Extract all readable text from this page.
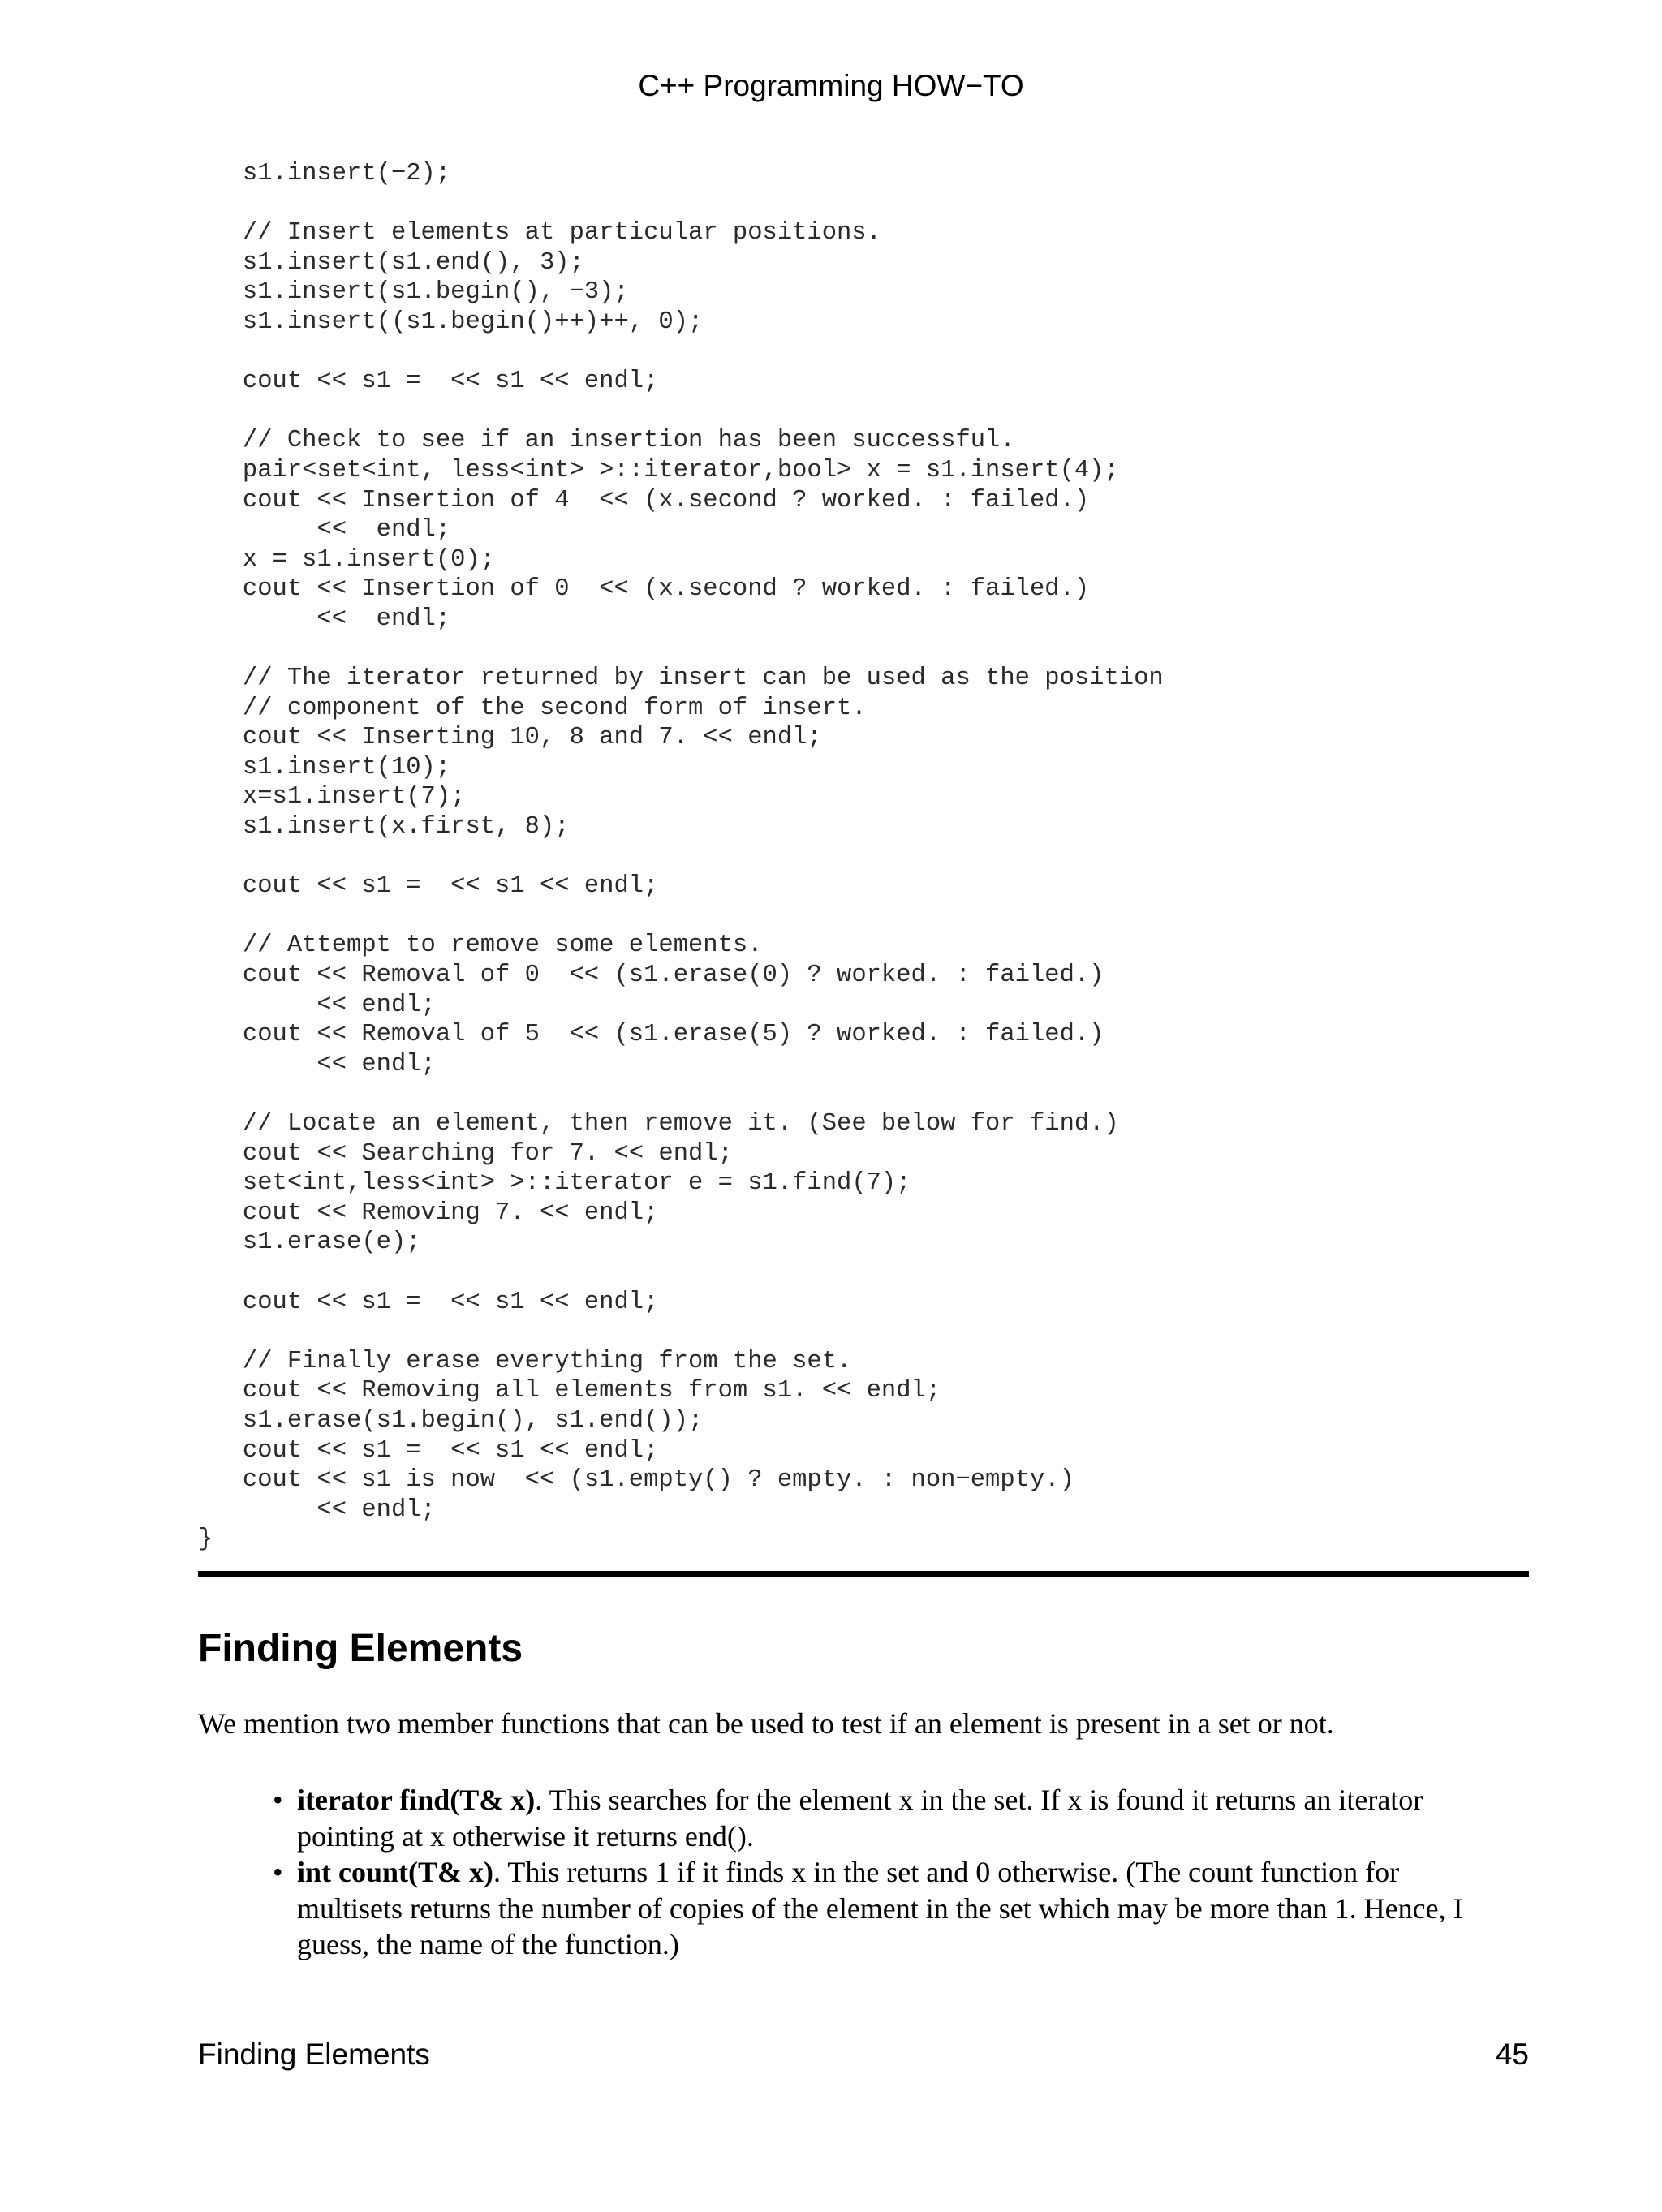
C++ Programming HOW−TO
s1.insert(−2);
// Insert elements at particular positions.
s1.insert(s1.end(), 3);
s1.insert(s1.begin(), −3);
s1.insert((s1.begin()++)++, 0);
cout << s1 =  << s1 << endl;
// Check to see if an insertion has been successful.
pair<set<int, less<int> >::iterator,bool> x = s1.insert(4);
cout << Insertion of 4  << (x.second ? worked. : failed.)
<<  endl;
x = s1.insert(0);
cout << Insertion of 0  << (x.second ? worked. : failed.)
<<  endl;
// The iterator returned by insert can be used as the position
// component of the second form of insert.
cout << Inserting 10, 8 and 7. << endl;
s1.insert(10);
x=s1.insert(7);
s1.insert(x.first, 8);
cout << s1 =  << s1 << endl;
// Attempt to remove some elements.
cout << Removal of 0  << (s1.erase(0) ? worked. : failed.)
<< endl;
cout << Removal of 5  << (s1.erase(5) ? worked. : failed.)
<< endl;
// Locate an element, then remove it. (See below for find.)
cout << Searching for 7. << endl;
set<int,less<int> >::iterator e = s1.find(7);
cout << Removing 7. << endl;
s1.erase(e);
cout << s1 =  << s1 << endl;
// Finally erase everything from the set.
cout << Removing all elements from s1. << endl;
s1.erase(s1.begin(), s1.end());
cout << s1 =  << s1 << endl;
cout << s1 is now  << (s1.empty() ? empty. : non−empty.)
<< endl;
}
Finding Elements

We mention two member functions that can be used to test if an element is present in a set or not.

• iterator find(T& x). This searches for the element x in the set. If x is found it returns an iterator pointing at x otherwise it returns end().
• int count(T& x). This returns 1 if it finds x in the set and 0 otherwise. (The count function for multisets returns the number of copies of the element in the set which may be more than 1. Hence, I guess, the name of the function.)
Finding Elements	45
